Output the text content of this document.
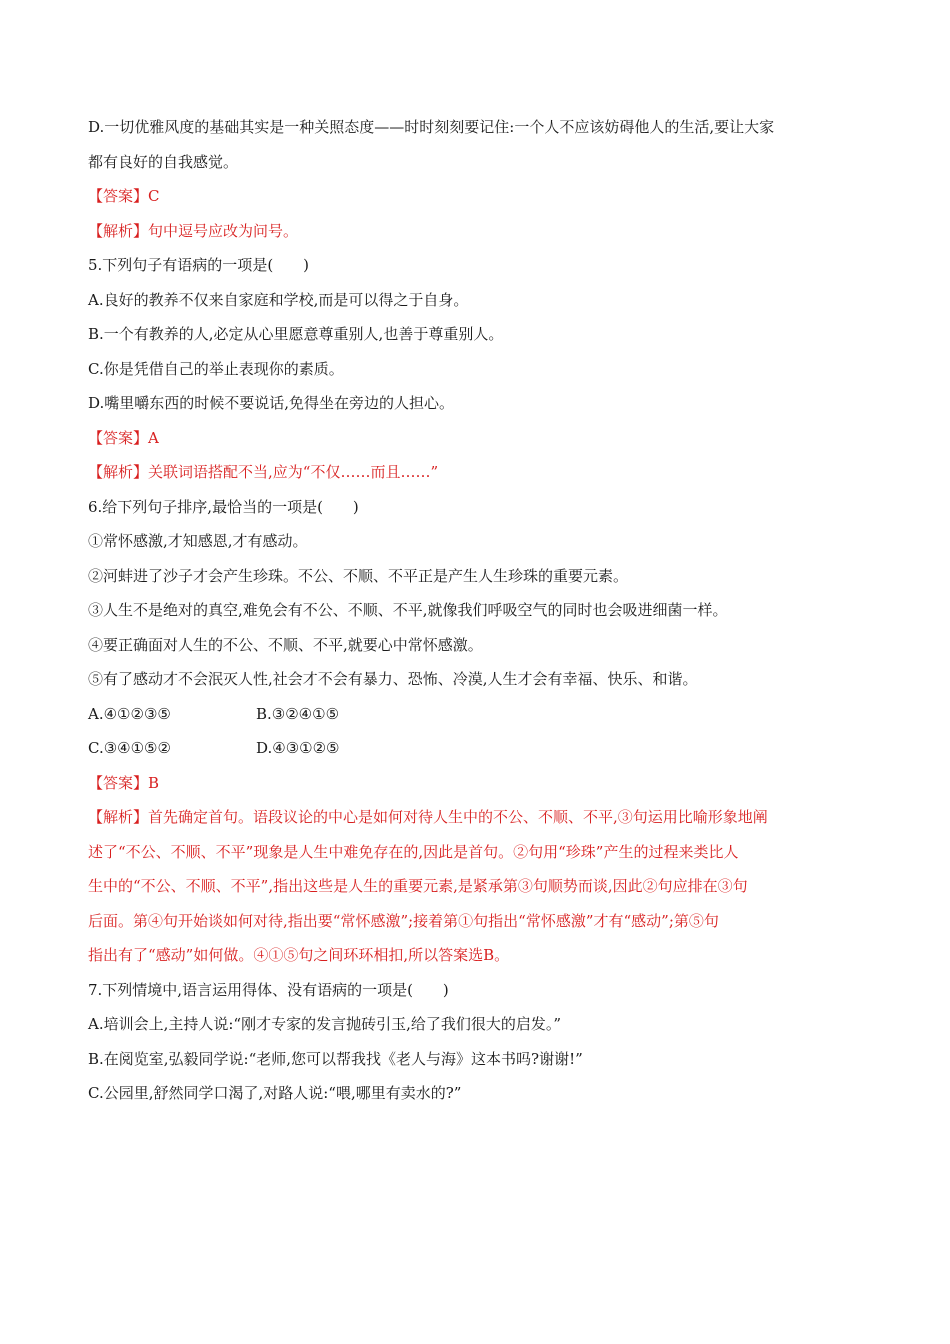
D.一切优雅风度的基础其实是一种关照态度——时时刻刻要记住:一个人不应该妨碍他人的生活,要让大家
都有良好的自我感觉。
【答案】C
【解析】句中逗号应改为问号。
5.下列句子有语病的一项是(　　)
A.良好的教养不仅来自家庭和学校,而是可以得之于自身。
B.一个有教养的人,必定从心里愿意尊重别人,也善于尊重别人。
C.你是凭借自己的举止表现你的素质。
D.嘴里嚼东西的时候不要说话,免得坐在旁边的人担心。
【答案】A
【解析】关联词语搭配不当,应为“不仅……而且……”
6.给下列句子排序,最恰当的一项是(　　)
①常怀感激,才知感恩,才有感动。
②河蚌进了沙子才会产生珍珠。不公、不顺、不平正是产生人生珍珠的重要元素。
③人生不是绝对的真空,难免会有不公、不顺、不平,就像我们呼吸空气的同时也会吸进细菌一样。
④要正确面对人生的不公、不顺、不平,就要心中常怀感激。
⑤有了感动才不会泯灭人性,社会才不会有暴力、恐怖、冷漠,人生才会有幸福、快乐、和谐。
A.④①②③⑤	B.③②④①⑤
C.③④①⑤②	D.④③①②⑤
【答案】B
【解析】首先确定首句。语段议论的中心是如何对待人生中的不公、不顺、不平,③句运用比喻形象地阐
述了“不公、不顺、不平”现象是人生中难免存在的,因此是首句。②句用“珍珠”产生的过程来类比人
生中的“不公、不顺、不平”,指出这些是人生的重要元素,是紧承第③句顺势而谈,因此②句应排在③句
后面。第④句开始谈如何对待,指出要“常怀感激”;接着第①句指出“常怀感激”才有“感动”;第⑤句
指出有了“感动”如何做。④①⑤句之间环环相扣,所以答案选B。
7.下列情境中,语言运用得体、没有语病的一项是(　　)
A.培训会上,主持人说:“刚才专家的发言抛砖引玉,给了我们很大的启发。”
B.在阅览室,弘毅同学说:“老师,您可以帮我找《老人与海》这本书吗?谢谢!”
C.公园里,舒然同学口渴了,对路人说:“喂,哪里有卖水的?”
